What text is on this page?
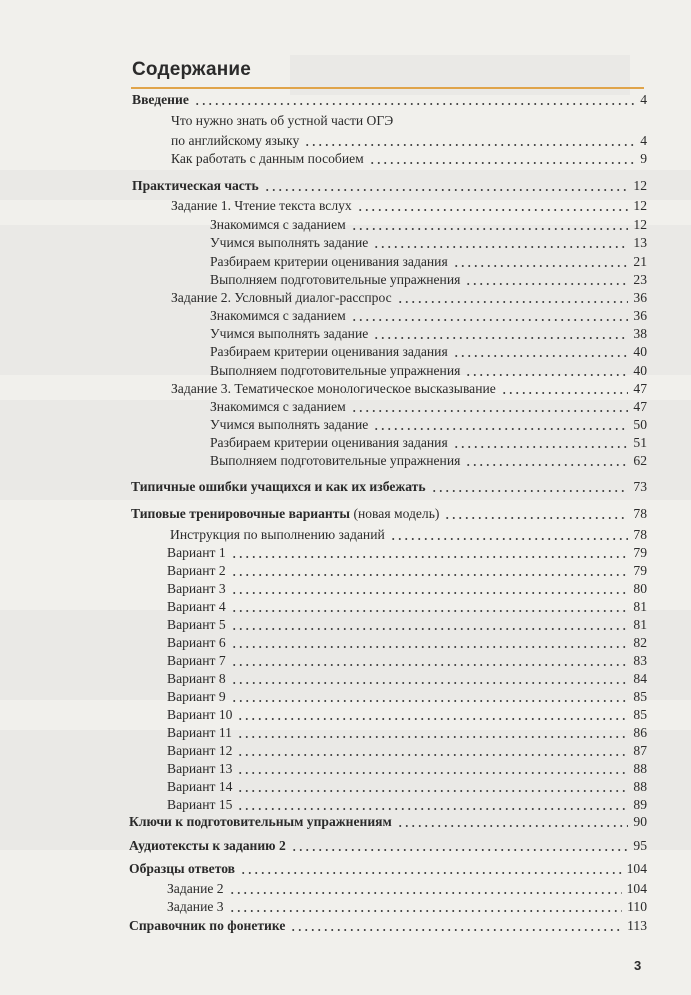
Содержание
Введение	4
Что нужно знать об устной части ОГЭ
по английскому языку	4
Как работать с данным пособием	9
Практическая часть	12
Задание 1. Чтение текста вслух	12
Знакомимся с заданием	12
Учимся выполнять задание	13
Разбираем критерии оценивания задания	21
Выполняем подготовительные упражнения	23
Задание 2. Условный диалог-расспрос	36
Знакомимся с заданием	36
Учимся выполнять задание	38
Разбираем критерии оценивания задания	40
Выполняем подготовительные упражнения	40
Задание 3. Тематическое монологическое высказывание	47
Знакомимся с заданием	47
Учимся выполнять задание	50
Разбираем критерии оценивания задания	51
Выполняем подготовительные упражнения	62
Типичные ошибки учащихся и как их избежать	73
Типовые тренировочные варианты (новая модель)	78
Инструкция по выполнению заданий	78
Вариант 1	79
Вариант 2	79
Вариант 3	80
Вариант 4	81
Вариант 5	81
Вариант 6	82
Вариант 7	83
Вариант 8	84
Вариант 9	85
Вариант 10	85
Вариант 11	86
Вариант 12	87
Вариант 13	88
Вариант 14	88
Вариант 15	89
Ключи к подготовительным упражнениям	90
Аудиотексты к заданию 2	95
Образцы ответов	104
Задание 2	104
Задание 3	110
Справочник по фонетике	113
3
